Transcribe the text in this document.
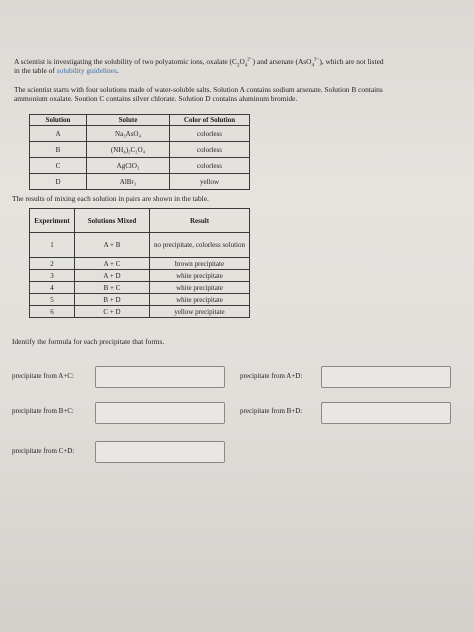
A scientist is investigating the solubility of two polyatomic ions, oxalate $(C_2O_4^{2-})$ and arsenate (AsO$_4^{3-}$), which are not listed
in the table of solubility guidelines.
The scientist starts with four solutions made of water-soluble salts. Solution A contains sodium arsenate. Solution B contains
ammonium oxalate. Soution C contains silver chlorate. Solution D contains aluminum bromide.
Solution	Solute	Color of Solution
A	Na₃AsO₄	colorless
B	(NH₄)₂C₂O₄	colorless
C	AgClO₃	colorless
D	AlBr₃	yellow
The results of mixing each solution in pairs are shown in the table.
Experiment	Solutions Mixed	Result
1	A + B	no precipitate, colorless solution
2	A + C	brown precipitate
3	A + D	white precipitate
4	B + C	white precipitate
5	B + D	white precipitate
6	C + D	yellow precipitate
Identify the formula for each precipitate that forms.
precipitate from A+C:	precipitate from A+D:
precipitate from B+C:	precipitate from B+D:
precipitate from C+D:
